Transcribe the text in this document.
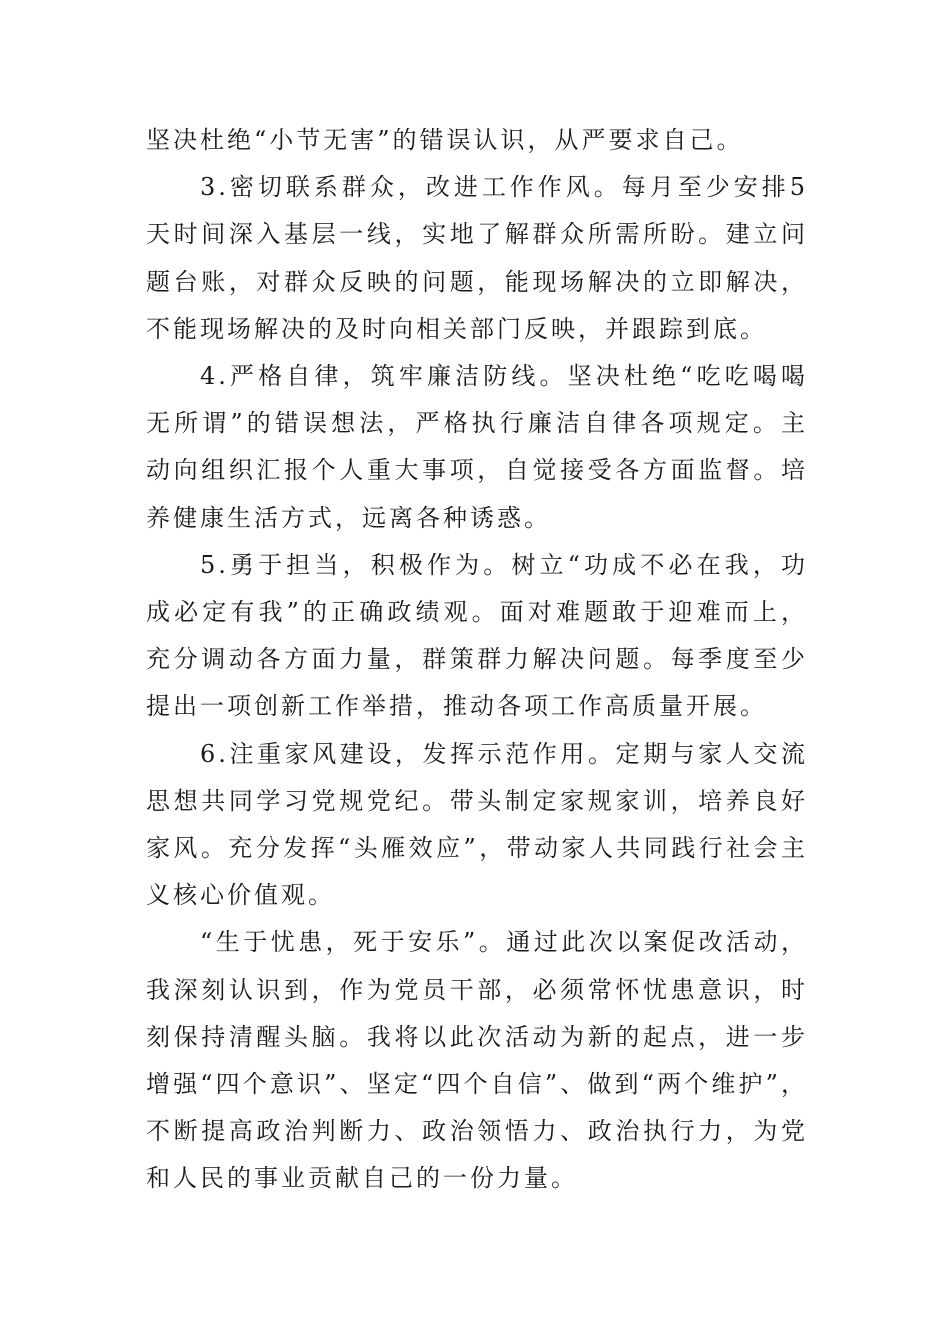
坚决杜绝“小节无害”的错误认识，从严要求自己。

3.密切联系群众，改进工作作风。每月至少安排5天时间深入基层一线，实地了解群众所需所盼。建立问题台账，对群众反映的问题，能现场解决的立即解决，不能现场解决的及时向相关部门反映，并跟踪到底。

4.严格自律，筑牢廉洁防线。坚决杜绝“吃吃喝喝无所谓”的错误想法，严格执行廉洁自律各项规定。主动向组织汇报个人重大事项，自觉接受各方面监督。培养健康生活方式，远离各种诱惑。

5.勇于担当，积极作为。树立“功成不必在我，功成必定有我”的正确政绩观。面对难题敢于迎难而上，充分调动各方面力量，群策群力解决问题。每季度至少提出一项创新工作举措，推动各项工作高质量开展。

6.注重家风建设，发挥示范作用。定期与家人交流思想共同学习党规党纪。带头制定家规家训，培养良好家风。充分发挥“头雁效应”，带动家人共同践行社会主义核心价值观。

“生于忧患，死于安乐”。通过此次以案促改活动，我深刻认识到，作为党员干部，必须常怀忧患意识，时刻保持清醒头脑。我将以此次活动为新的起点，进一步增强“四个意识”、坚定“四个自信”、做到“两个维护”，不断提高政治判断力、政治领悟力、政治执行力，为党和人民的事业贡献自己的一份力量。
